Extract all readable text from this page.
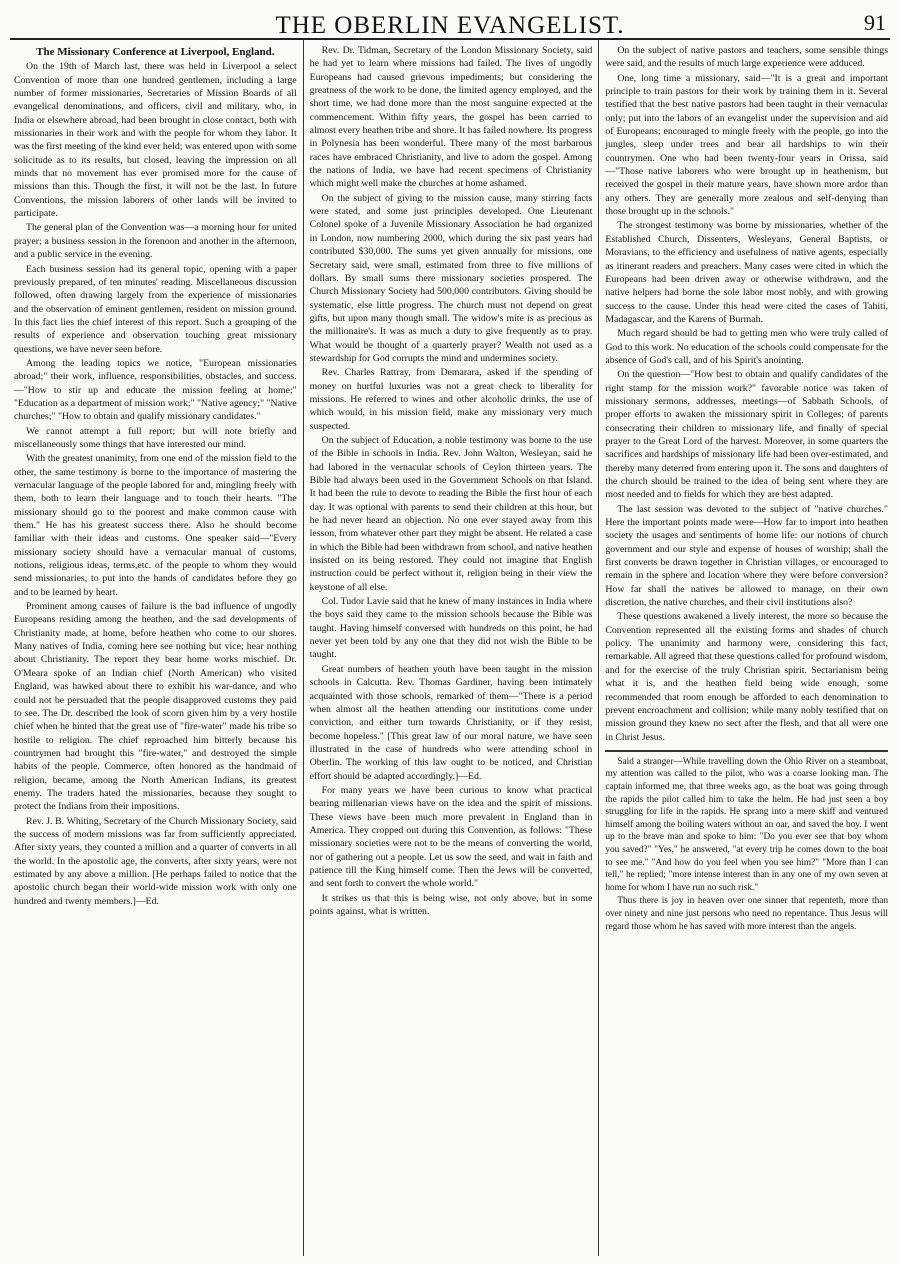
THE OBERLIN EVANGELIST.	91

The Missionary Conference at Liverpool, England.

On the 19th of March last, there was held in Liverpool a select Convention of more than one hundred gentlemen, including a large number of former missionaries, Secretaries of Mission Boards of all evangelical denominations, and officers, civil and military, who, in India or elsewhere abroad, had been brought in close contact, both with missionaries in their work and with the people for whom they labor. It was the first meeting of the kind ever held; was entered upon with some solicitude as to its results, but closed, leaving the impression on all minds that no movement has ever promised more for the cause of missions than this. Though the first, it will not be the last. In future Conventions, the mission laborers of other lands will be invited to participate.

The general plan of the Convention was—a morning hour for united prayer; a business session in the forenoon and another in the afternoon, and a public service in the evening.

Each business session had its general topic, opening with a paper previously prepared, of ten minutes' reading. Miscellaneous discussion followed, often drawing largely from the experience of missionaries and the observation of eminent gentlemen, resident on mission ground. In this fact lies the chief interest of this report. Such a grouping of the results of experience and observation touching great missionary questions, we have never seen before.

Among the leading topics we notice, "European missionaries abroad;" their work, influence, responsibilities, obstacles, and success.—"How to stir up and educate the mission feeling at home;" "Education as a department of mission work;" "Native agency;" "Native churches;" "How to obtain and qualify missionary candidates."

We cannot attempt a full report; but will note briefly and miscellaneously some things that have interested our mind.

With the greatest unanimity, from one end of the mission field to the other, the same testimony is borne to the importance of mastering the vernacular language of the people labored for and, mingling freely with them, both to learn their language and to touch their hearts. "The missionary should go to the poorest and make common cause with them." He has his greatest success there. Also he should become familiar with their ideas and customs. One speaker said—"Every missionary society should have a vernacular manual of customs, notions, religious ideas, terms,etc. of the people to whom they would send missionaries, to put into the hands of candidates before they go and to be learned by heart.

Prominent among causes of failure is the bad influence of ungodly Europeans residing among the heathen, and the sad developments of Christianity made, at home, before heathen who come to our shores. Many natives of India, coming here see nothing but vice; hear nothing about Christianity. The report they bear home works mischief. Dr. O'Meara spoke of an Indian chief (North American) who visited England, was hawked about there to exhibit his war-dance, and who could not be persuaded that the people disapproved customs they paid to see. The Dr. described the look of scorn given him by a very hostile chief when he hinted that the great use of "fire-water" made his tribe so hostile to religion. The chief reproached him bitterly because his countrymen had brought this "fire-water," and destroyed the simple habits of the people. Commerce, often honored as the handmaid of religion, became, among the North American Indians, its greatest enemy. The traders hated the missionaries, because they sought to protect the Indians from their impositions.

Rev. J. B. Whiting, Secretary of the Church Missionary Society, said the success of modern missions was far from sufficiently appreciated. After sixty years, they counted a million and a quarter of converts in all the world. In the apostolic age, the converts, after sixty years, were not estimated by any above a million. [He perhaps failed to notice that the apostolic church began their world-wide mission work with only one hundred and twenty members.]—Ed.

Rev. Dr. Tidman, Secretary of the London Missionary Society, said he had yet to learn where missions had failed. The lives of ungodly Europeans had caused grievous impediments; but considering the greatness of the work to be done, the limited agency employed, and the short time, we had done more than the most sanguine expected at the commencement. Within fifty years, the gospel has been carried to almost every heathen tribe and shore. It has failed nowhere. Its progress in Polynesia has been wonderful. There many of the most barbarous races have embraced Christianity, and live to adorn the gospel. Among the nations of India, we have had recent specimens of Christianity which might well make the churches at home ashamed.

On the subject of giving to the mission cause, many stirring facts were stated, and some just principles developed. One Lieutenant Colonel spoke of a Juvenile Missionary Association he had organized in London, now numbering 2000, which during the six past years had contributed $30,000. The sums yet given annually for missions, one Secretary said, were small, estimated from three to five millions of dollars. By small sums there missionary societies prospered. The Church Missionary Society had 500,000 contributors. Giving should be systematic, else little progress. The church must not depend on great gifts, but upon many though small. The widow's mite is as precious as the millionaire's. It was as much a duty to give frequently as to pray. What would be thought of a quarterly prayer? Wealth not used as a stewardship for God corrupts the mind and undermines society.

Rev. Charles Rattray, from Demarara, asked if the spending of money on hurtful luxuries was not a great check to liberality for missions. He referred to wines and other alcoholic drinks, the use of which would, in his mission field, make any missionary very much suspected.

On the subject of Education, a noble testimony was borne to the use of the Bible in schools in India. Rev. John Walton, Wesleyan, said he had labored in the vernacular schools of Ceylon thirteen years. The Bible had always been used in the Government Schools on that Island. It had been the rule to devote to reading the Bible the first hour of each day. It was optional with parents to send their children at this hour, but he had never heard an objection. No one ever stayed away from this lesson, from whatever other part they might be absent. He related a case in which the Bible had been withdrawn from school, and native heathen insisted on its being restored. They could not imagine that English instruction could be perfect without it, religion being in their view the keystone of all else.

Col. Tudor Lavie said that he knew of many instances in India where the boys said they came to the mission schools because the Bible was taught. Having himself conversed with hundreds on this point, he had never yet been told by any one that they did not wish the Bible to be taught.

Great numbers of heathen youth have been taught in the mission schools in Calcutta. Rev. Thomas Gardiner, having been intimately acquainted with those schools, remarked of them—"There is a period when almost all the heathen attending our institutions come under conviction, and either turn towards Christianity, or if they resist, become hopeless." [This great law of our moral nature, we have seen illustrated in the case of hundreds who were attending school in Oberlin. The working of this law ought to be noticed, and Christian effort should be adapted accordingly.]—Ed.

For many years we have been curious to know what practical bearing millenarian views have on the idea and the spirit of missions. These views have been much more prevalent in England than in America. They cropped out during this Convention, as follows: "These missionary societies were not to be the means of converting the world, nor of gathering out a people. Let us sow the seed, and wait in faith and patience till the King himself come. Then the Jews will be converted, and sent forth to convert the whole world."

It strikes us that this is being wise, not only above, but in some points against, what is written.

On the subject of native pastors and teachers, some sensible things were said, and the results of much large experience were adduced.

One, long time a missionary, said—"It is a great and important principle to train pastors for their work by training them in it. Several testified that the best native pastors had been taught in their vernacular only; put into the labors of an evangelist under the supervision and aid of Europeans; encouraged to mingle freely with the people, go into the jungles, sleep under trees and bear all hardships to win their countrymen. One who had been twenty-four years in Orissa, said—"Those native laborers who were brought up in heathenism, but received the gospel in their mature years, have shown more ardor than any others. They are generally more zealous and self-denying than those brought up in the schools."

The strongest testimony was borne by missionaries, whether of the Established Church, Dissenters, Wesleyans, General Baptists, or Moravians, to the efficiency and usefulness of native agents, especially as itinerant readers and preachers. Many cases were cited in which the Europeans had been driven away or otherwise withdrawn, and the native helpers had borne the sole labor most nobly, and with growing success to the cause. Under this head were cited the cases of Tahiti, Madagascar, and the Karens of Burmah.

Much regard should be had to getting men who were truly called of God to this work. No education of the schools could compensate for the absence of God's call, and of his Spirit's anointing.

On the question—"How best to obtain and qualify candidates of the right stamp for the mission work?" favorable notice was taken of missionary sermons, addresses, meetings—of Sabbath Schools, of proper efforts to awaken the missionary spirit in Colleges; of parents consecrating their children to missionary life, and finally of special prayer to the Great Lord of the harvest. Moreover, in some quarters the sacrifices and hardships of missionary life had been over-estimated, and thereby many deterred from entering upon it. The sons and daughters of the church should be trained to the idea of being sent where they are most needed and to fields for which they are best adapted.

The last session was devoted to the subject of "native churches." Here the important points made were—How far to import into heathen society the usages and sentiments of home life: our notions of church government and our style and expense of houses of worship; shall the first converts be drawn together in Christian villages, or encouraged to remain in the sphere and location where they were before conversion? How far shall the natives be allowed to manage, on their own discretion, the native churches, and their civil institutions also?

These questions awakened a lively interest, the more so because the Convention represented all the existing forms and shades of church policy. The unanimity and harmony were, considering this fact, remarkable. All agreed that these questions called for profound wisdom, and for the exercise of the truly Christian spirit. Sectarianism being what it is, and the heathen field being wide enough, some recommended that room enough be afforded to each denomination to prevent encroachment and collision; while many nobly testified that on mission ground they knew no sect after the flesh, and that all were one in Christ Jesus.

Said a stranger—While travelling down the Ohio River on a steamboat, my attention was called to the pilot, who was a coarse looking man. The captain informed me, that three weeks ago, as the boat was going through the rapids the pilot called him to take the helm. He had just seen a boy struggling for life in the rapids. He sprang into a mere skiff and ventured himself among the boiling waters without an oar, and saved the boy. I went up to the brave man and spoke to him: "Do you ever see that boy whom you saved?" "Yes," he answered, "at every trip he comes down to the boat to see me." "And how do you feel when you see him?" "More than I can tell," he replied; "more intense interest than in any one of my own seven at home for whom I have run no such risk."

Thus there is joy in heaven over one sinner that repenteth, more than over ninety and nine just persons who need no repentance. Thus Jesus will regard those whom he has saved with more interest than the angels.
